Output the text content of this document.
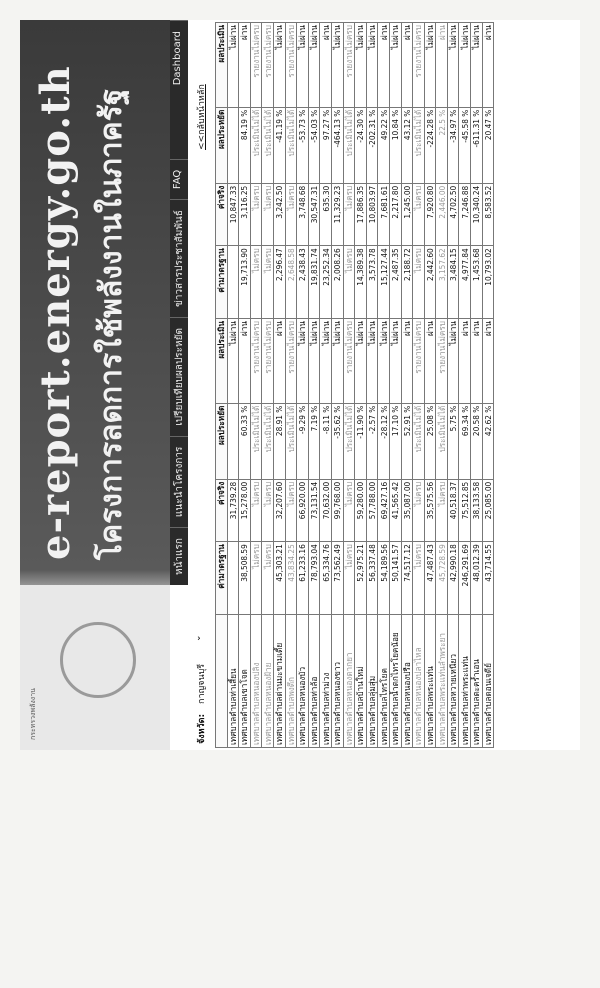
กระทรวงพลังงาน
e-report.energy.go.th โครงการลดการใช้พลังงานในภาครัฐ	หน้าแรก
แนะนำโครงการ
เปรียบเทียบผลประหยัด
ข่าวสารประชาสัมพันธ์
FAQ
Dashboard
จังหวัด:
กาญจนบุรี
⌄
<<กลับหน้าหลัก
	ค่ามาตรฐาน	ค่าจริง	ผลประหยัด	ผลประเมิน	ค่ามาตรฐาน	ค่าจริง	ผลประหยัด	ผลประเมิน
เทศบาลตำบลท่าเสี้ยน		31,739.28		ไม่ผ่าน		10,847.33		ไม่ผ่าน
เทศบาลตำบลเขาโจด	38,508.59	15,278.00	60.33 %	ผ่าน	19,713.90	3,116.25	84.19 %	ผ่าน
เทศบาลตำบลหนองปลิง	ไม่ครบ	ไม่ครบ	ประเมินไม่ได้	รายงานไม่ครบ	ไม่ครบ	ไม่ครบ	ประเมินไม่ได้	รายงานไม่ครบ
เทศบาลตำบลหนองฝ้าย	ไม่ครบ	ไม่ครบ	ประเมินไม่ได้	รายงานไม่ครบ	ไม่ครบ	ไม่ครบ	ประเมินไม่ได้	รายงานไม่ครบ
เทศบาลตำบลด่านมะขามเตี้ย	45,303.21	32,207.60	28.91 %	ผ่าน	2,296.47	3,242.50	-41.19 %	ไม่ผ่าน
เทศบาลตำบลพงตึก	43,834.25	ไม่ครบ	ประเมินไม่ได้	รายงานไม่ครบ	2,648.58	ไม่ครบ	ประเมินไม่ได้	รายงานไม่ครบ
เทศบาลตำบลหนองบัว	61,233.16	66,920.00	-9.29 %	ไม่ผ่าน	2,438.43	3,748.68	-53.73 %	ไม่ผ่าน
เทศบาลตำบลท่าล้อ	78,793.04	73,131.54	7.19 %	ไม่ผ่าน	19,831.74	30,547.31	-54.03 %	ไม่ผ่าน
เทศบาลตำบลท่าม่วง	65,334.76	70,632.00	-8.11 %	ไม่ผ่าน	23,252.34	635.30	97.27 %	ผ่าน
เทศบาลตำบลหนองขาว	73,562.49	99,768.00	-35.62 %	ไม่ผ่าน	2,008.26	11,329.23	-464.13 %	ไม่ผ่าน
เทศบาลตำบลหนองตากยา	ไม่ครบ	ไม่ครบ	ประเมินไม่ได้	รายงานไม่ครบ	ไม่ครบ	ไม่ครบ	ประเมินไม่ได้	รายงานไม่ครบ
เทศบาลตำบลบ้านใหม่	52,975.21	59,280.00	-11.90 %	ไม่ผ่าน	14,389.38	17,886.35	-24.30 %	ไม่ผ่าน
เทศบาลตำบลลุ่มสุ่ม	56,337.48	57,788.00	-2.57 %	ไม่ผ่าน	3,573.78	10,803.97	-202.31 %	ไม่ผ่าน
เทศบาลตำบลไทรโยค	54,189.56	69,427.16	-28.12 %	ไม่ผ่าน	15,127.44	7,681.61	49.22 %	ผ่าน
เทศบาลตำบลน้ำตกไทรโยคน้อย	50,141.57	41,565.42	17.10 %	ไม่ผ่าน	2,487.35	2,217.80	10.84 %	ไม่ผ่าน
เทศบาลตำบลหนองปรือ	74,517.12	35,087.00	52.91 %	ผ่าน	2,188.72	1,245.00	43.12 %	ผ่าน
เทศบาลตำบลหนองปลาไหล	ไม่ครบ	ไม่ครบ	ประเมินไม่ได้	รายงานไม่ครบ	ไม่ครบ	ไม่ครบ	ประเมินไม่ได้	รายงานไม่ครบ
เทศบาลตำบลพระแท่น	47,487.43	35,575.56	25.08 %	ผ่าน	2,442.60	7,920.80	-224.28 %	ไม่ผ่าน
เทศบาลตำบลพระแท่นลำพระยา	45,728.59	ไม่ครบ	ประเมินไม่ได้	รายงานไม่ครบ	3,157.62	2,446.00	22.5 %	ผ่าน
เทศบาลตำบลหวายเหนียว	42,990.18	40,518.37	5.75 %	ไม่ผ่าน	3,484.15	4,702.50	-34.97 %	ไม่ผ่าน
เทศบาลตำบลท่าพระแท่น	246,291.69	75,512.85	69.34 %	ผ่าน	4,977.84	7,246.88	-45.58 %	ไม่ผ่าน
เทศบาลตำบลตะคร้ำเอน	48,012.39	38,133.58	20.58 %	ผ่าน	1,453.68	10,340.24	-611.31 %	ไม่ผ่าน
เทศบาลตำบลดอนเจดีย์	43,714.55	25,085.00	42.62 %	ผ่าน	10,793.02	8,583.52	20.47 %	ผ่าน
